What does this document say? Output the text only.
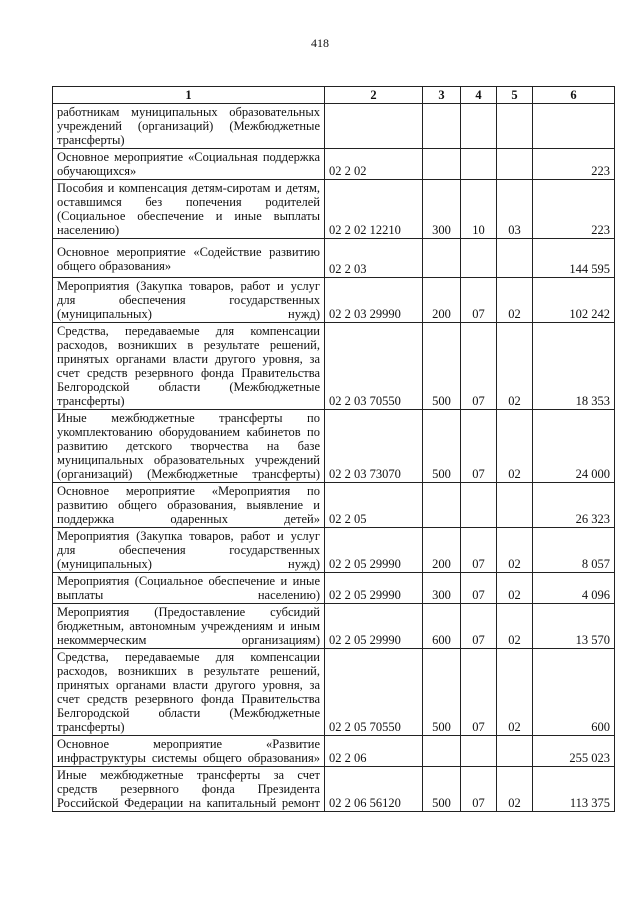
418
1	2	3	4	5	6
работникам муниципальных образовательных учреждений (организаций) (Межбюджетные трансферты)					
Основное мероприятие «Социальная поддержка обучающихся»	02 2 02				223
Пособия и компенсация детям-сиротам и детям, оставшимся без попечения родителей (Социальное обеспечение и иные выплаты населению)	02 2 02 12210	300	10	03	223
Основное мероприятие «Содействие развитию общего образования»	02 2 03				144 595
Мероприятия (Закупка товаров, работ и услуг для обеспечения государственных (муниципальных) нужд)	02 2 03 29990	200	07	02	102 242
Средства, передаваемые для компенсации расходов, возникших в результате решений, принятых органами власти другого уровня, за счет средств резервного фонда Правительства Белгородской области (Межбюджетные трансферты)	02 2 03 70550	500	07	02	18 353
Иные межбюджетные трансферты по укомплектованию оборудованием кабинетов по развитию детского творчества на базе муниципальных образовательных учреждений (организаций) (Межбюджетные трансферты)	02 2 03 73070	500	07	02	24 000
Основное мероприятие «Мероприятия по развитию общего образования, выявление и поддержка одаренных детей»	02 2 05				26 323
Мероприятия (Закупка товаров, работ и услуг для обеспечения государственных (муниципальных) нужд)	02 2 05 29990	200	07	02	8 057
Мероприятия (Социальное обеспечение и иные выплаты населению)	02 2 05 29990	300	07	02	4 096
Мероприятия (Предоставление субсидий бюджетным, автономным учреждениям и иным некоммерческим организациям)	02 2 05 29990	600	07	02	13 570
Средства, передаваемые для компенсации расходов, возникших в результате решений, принятых органами власти другого уровня, за счет средств резервного фонда Правительства Белгородской области (Межбюджетные трансферты)	02 2 05 70550	500	07	02	600
Основное мероприятие «Развитие инфраструктуры системы общего образования»	02 2 06				255 023
Иные межбюджетные трансферты за счет средств резервного фонда Президента Российской Федерации на капитальный ремонт	02 2 06 56120	500	07	02	113 375
